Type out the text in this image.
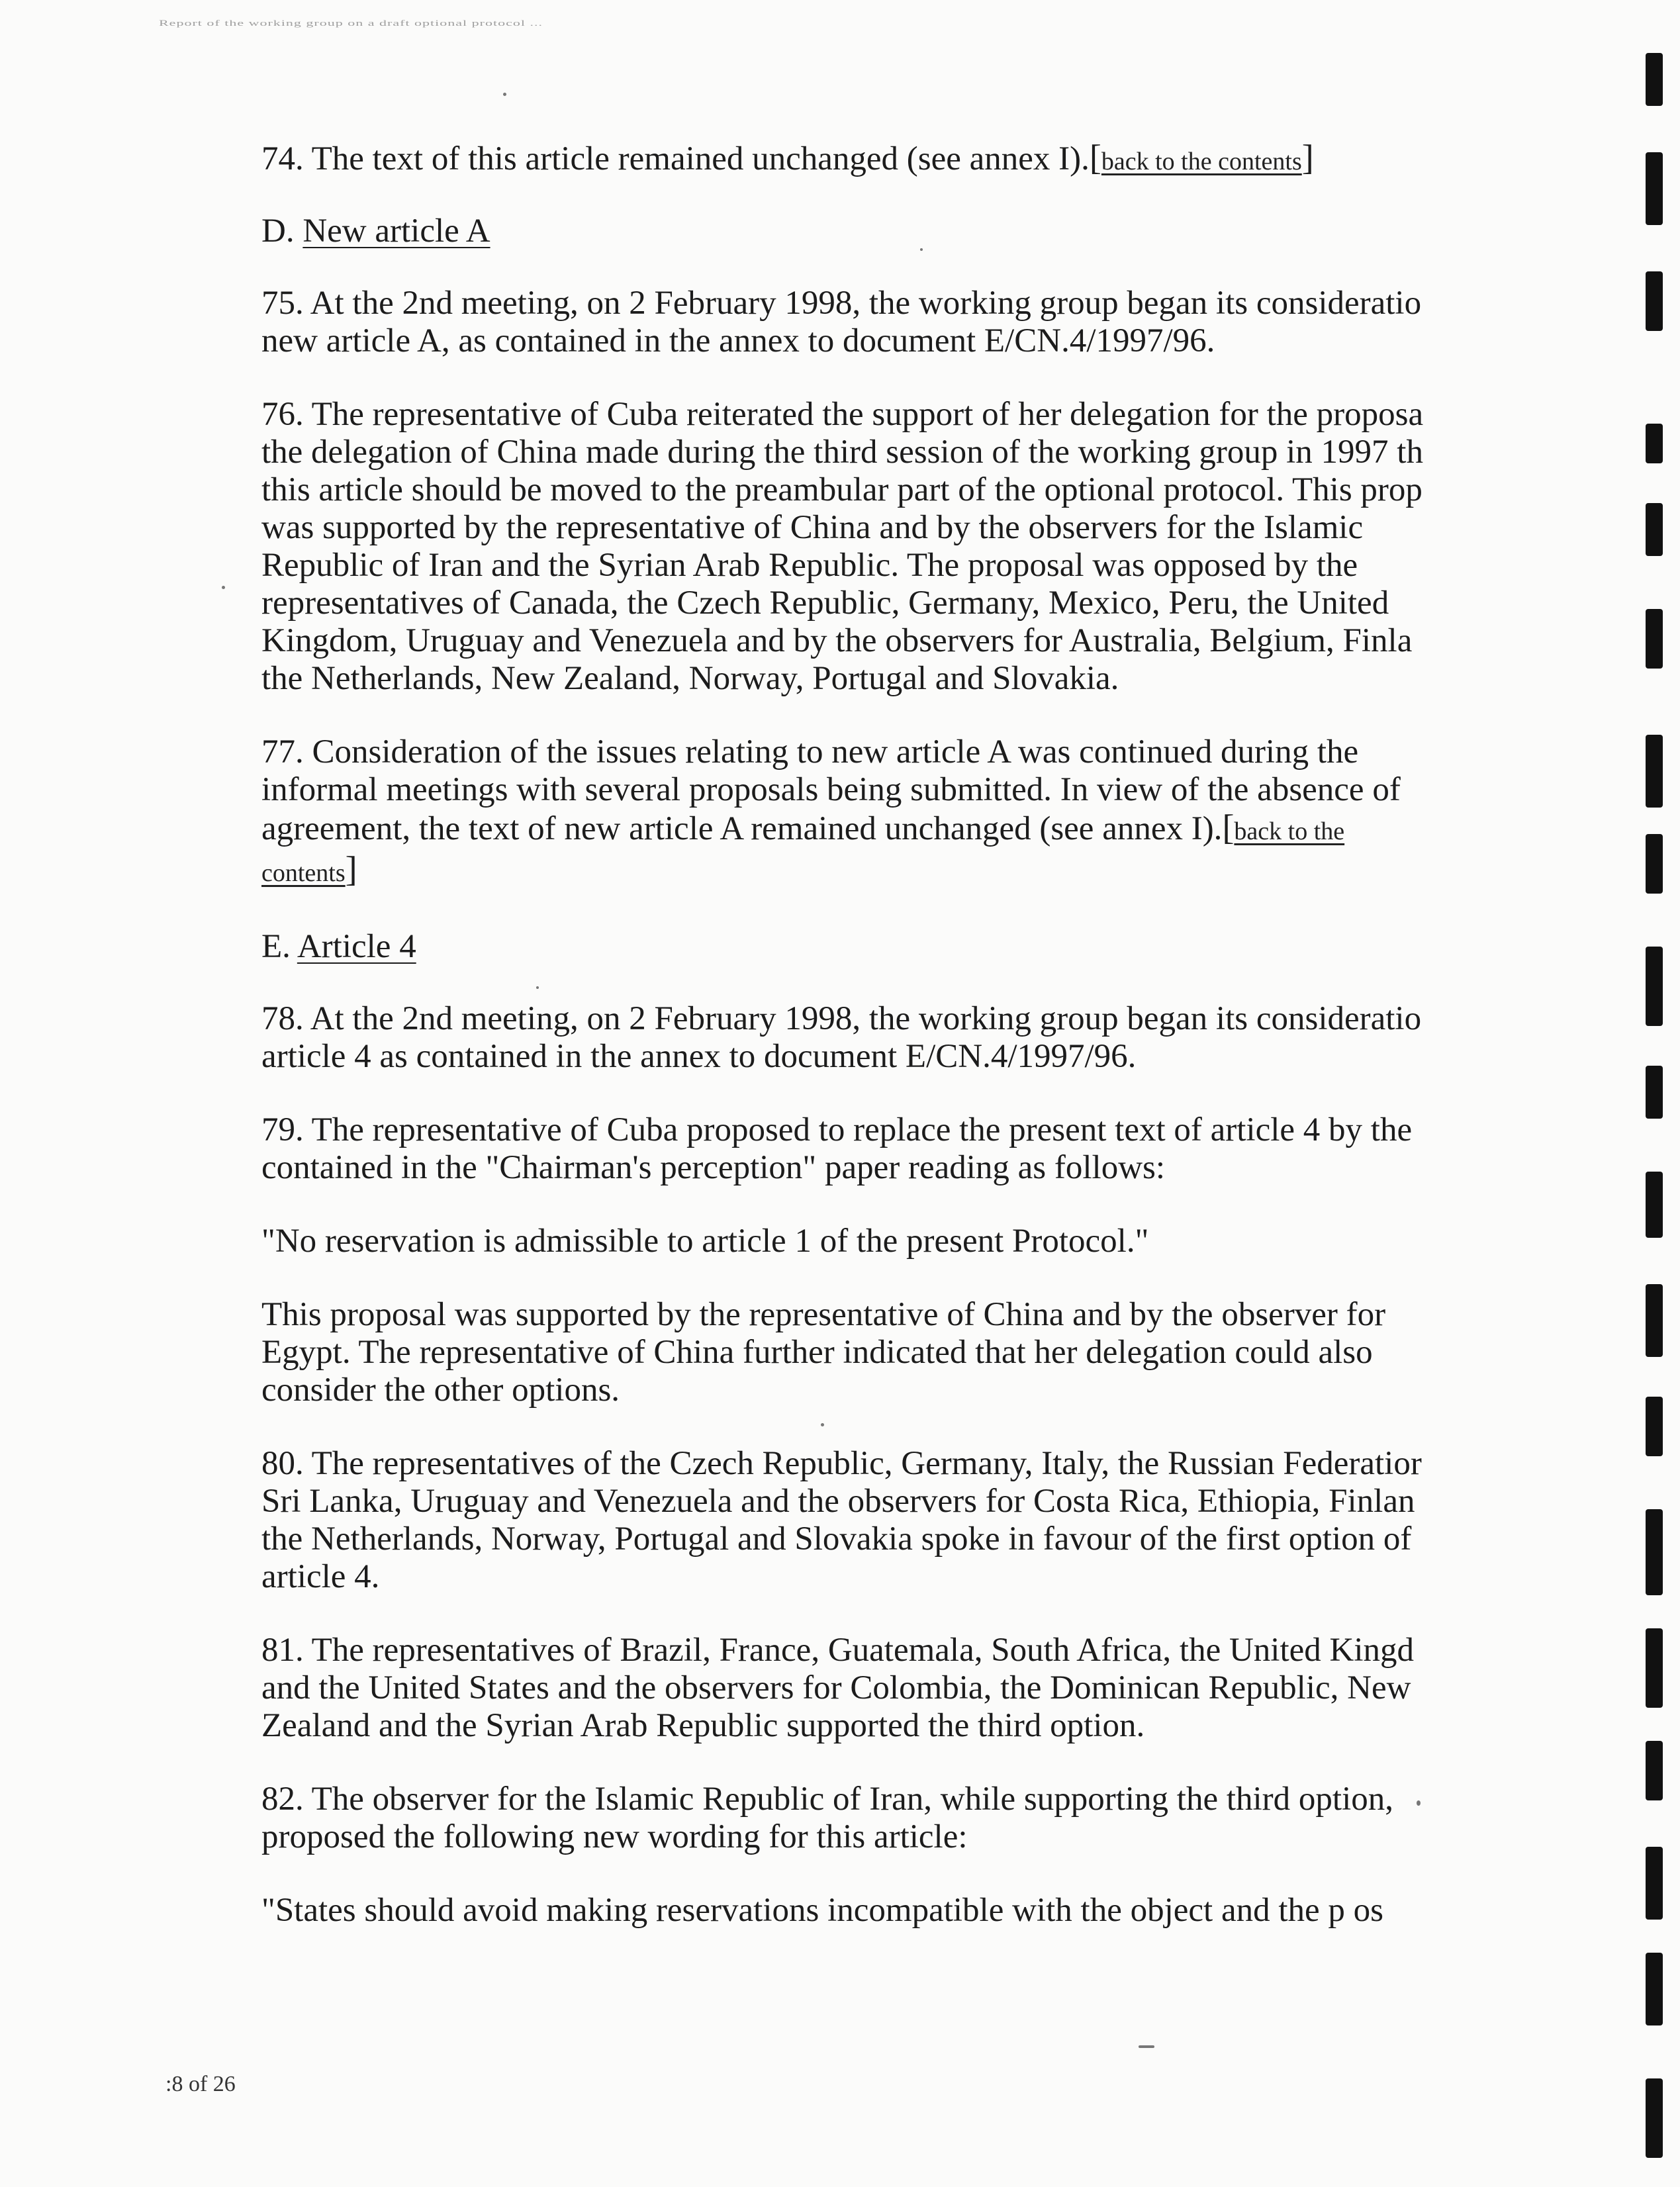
Report of the working group on a draft optional protocol ...

74. The text of this article remained unchanged (see annex I).[back to the contents]

D. New article A

75. At the 2nd meeting, on 2 February 1998, the working group began its consideratio
new article A, as contained in the annex to document E/CN.4/1997/96.
76. The representative of Cuba reiterated the support of her delegation for the proposa
the delegation of China made during the third session of the working group in 1997 th
this article should be moved to the preambular part of the optional protocol. This prop
was supported by the representative of China and by the observers for the Islamic
Republic of Iran and the Syrian Arab Republic. The proposal was opposed by the
representatives of Canada, the Czech Republic, Germany, Mexico, Peru, the United
Kingdom, Uruguay and Venezuela and by the observers for Australia, Belgium, Finla
the Netherlands, New Zealand, Norway, Portugal and Slovakia.
77. Consideration of the issues relating to new article A was continued during the
informal meetings with several proposals being submitted. In view of the absence of
agreement, the text of new article A remained unchanged (see annex I).[back to the
contents]

E. Article 4

78. At the 2nd meeting, on 2 February 1998, the working group began its consideratio
article 4 as contained in the annex to document E/CN.4/1997/96.
79. The representative of Cuba proposed to replace the present text of article 4 by the
contained in the "Chairman's perception" paper reading as follows:
"No reservation is admissible to article 1 of the present Protocol."
This proposal was supported by the representative of China and by the observer for
Egypt. The representative of China further indicated that her delegation could also
consider the other options.
80. The representatives of the Czech Republic, Germany, Italy, the Russian Federatior
Sri Lanka, Uruguay and Venezuela and the observers for Costa Rica, Ethiopia, Finlan
the Netherlands, Norway, Portugal and Slovakia spoke in favour of the first option of
article 4.
81. The representatives of Brazil, France, Guatemala, South Africa, the United Kingd
and the United States and the observers for Colombia, the Dominican Republic, New
Zealand and the Syrian Arab Republic supported the third option.
82. The observer for the Islamic Republic of Iran, while supporting the third option,
proposed the following new wording for this article:
"States should avoid making reservations incompatible with the object and the p os
:8 of 26
